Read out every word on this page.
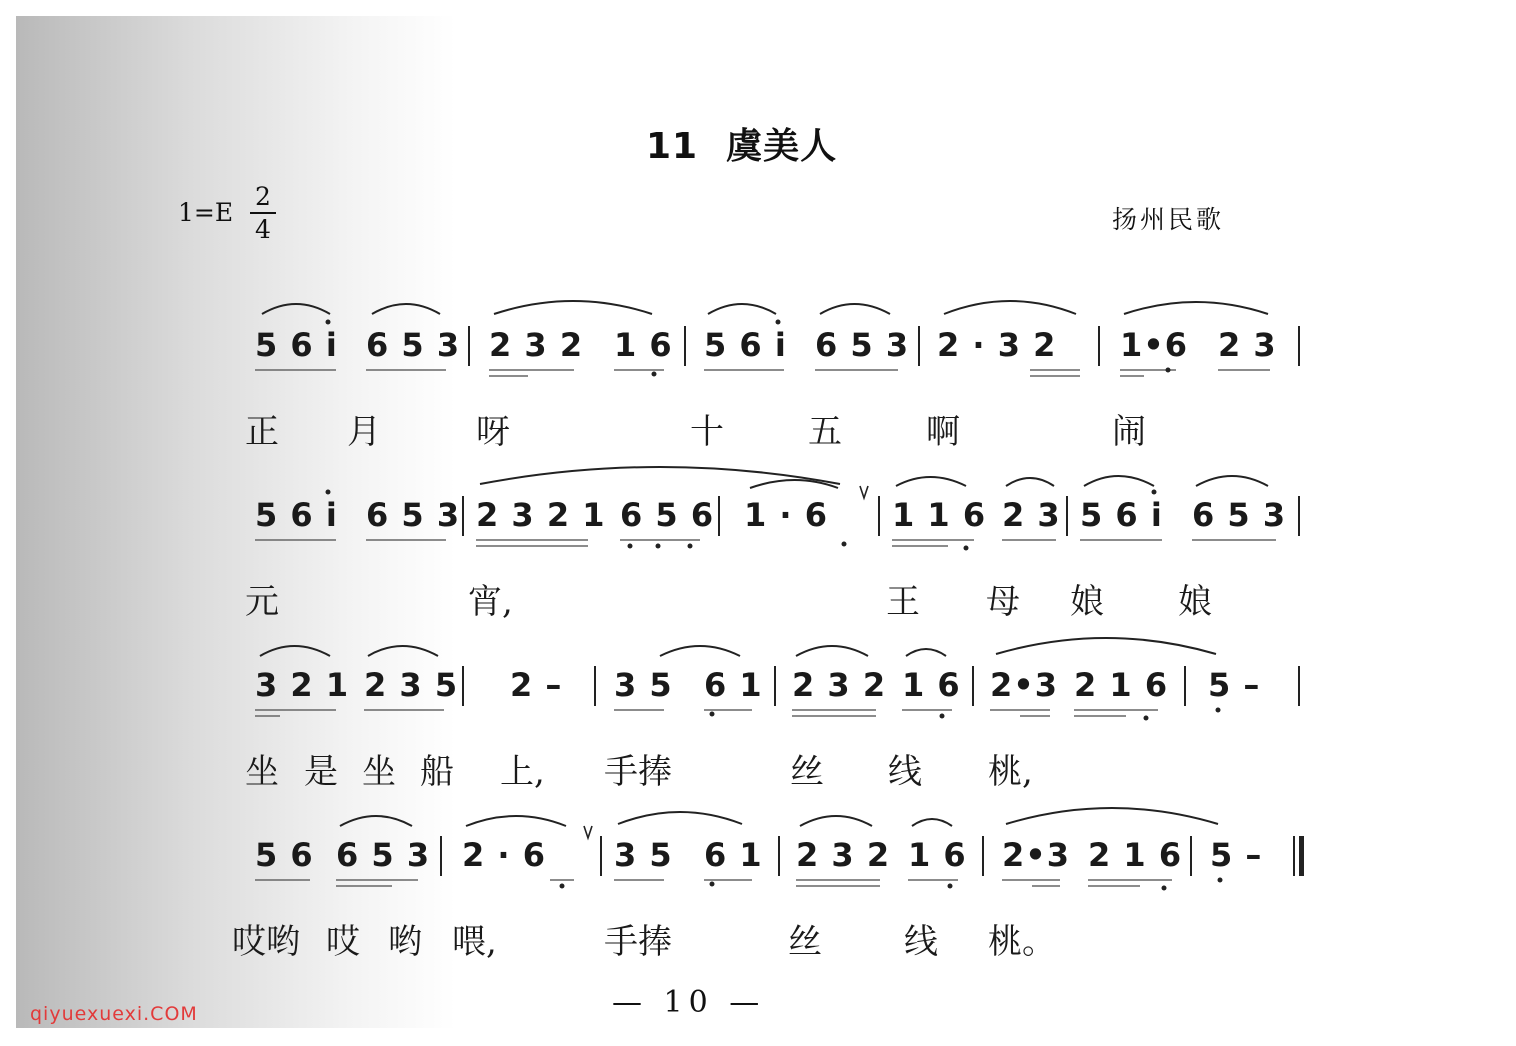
11 虞美人
1=E
2
4	扬州民歌
5 6 i 6 5 3 2 3 2 1 6 5 6 i 6 5 3 2 · 3 2 1•6 2 3
正 月	呀	十 五 啊	闹
5 6 i 6 5 3 2 3 2 1 6 5 6 1 · 6 1 1 6 2 3 5 6 i 6 5 3
元	宵,	王 母 娘 娘
3 2 1 2 3 5 2 – 3 5 6 1 2 3 2 1 6 2•3 2 1 6 5 –
坐 是 坐 船 上, 手捧	丝 线 桃,
5 6 6 5 3 2 · 6 3 5 6 1 2 3 2 1 6 2•3 2 1 6 5 –
哎哟 哎 哟 喂,	手捧	丝 线 桃。
— 10 —
qiyuexuexi.COM
